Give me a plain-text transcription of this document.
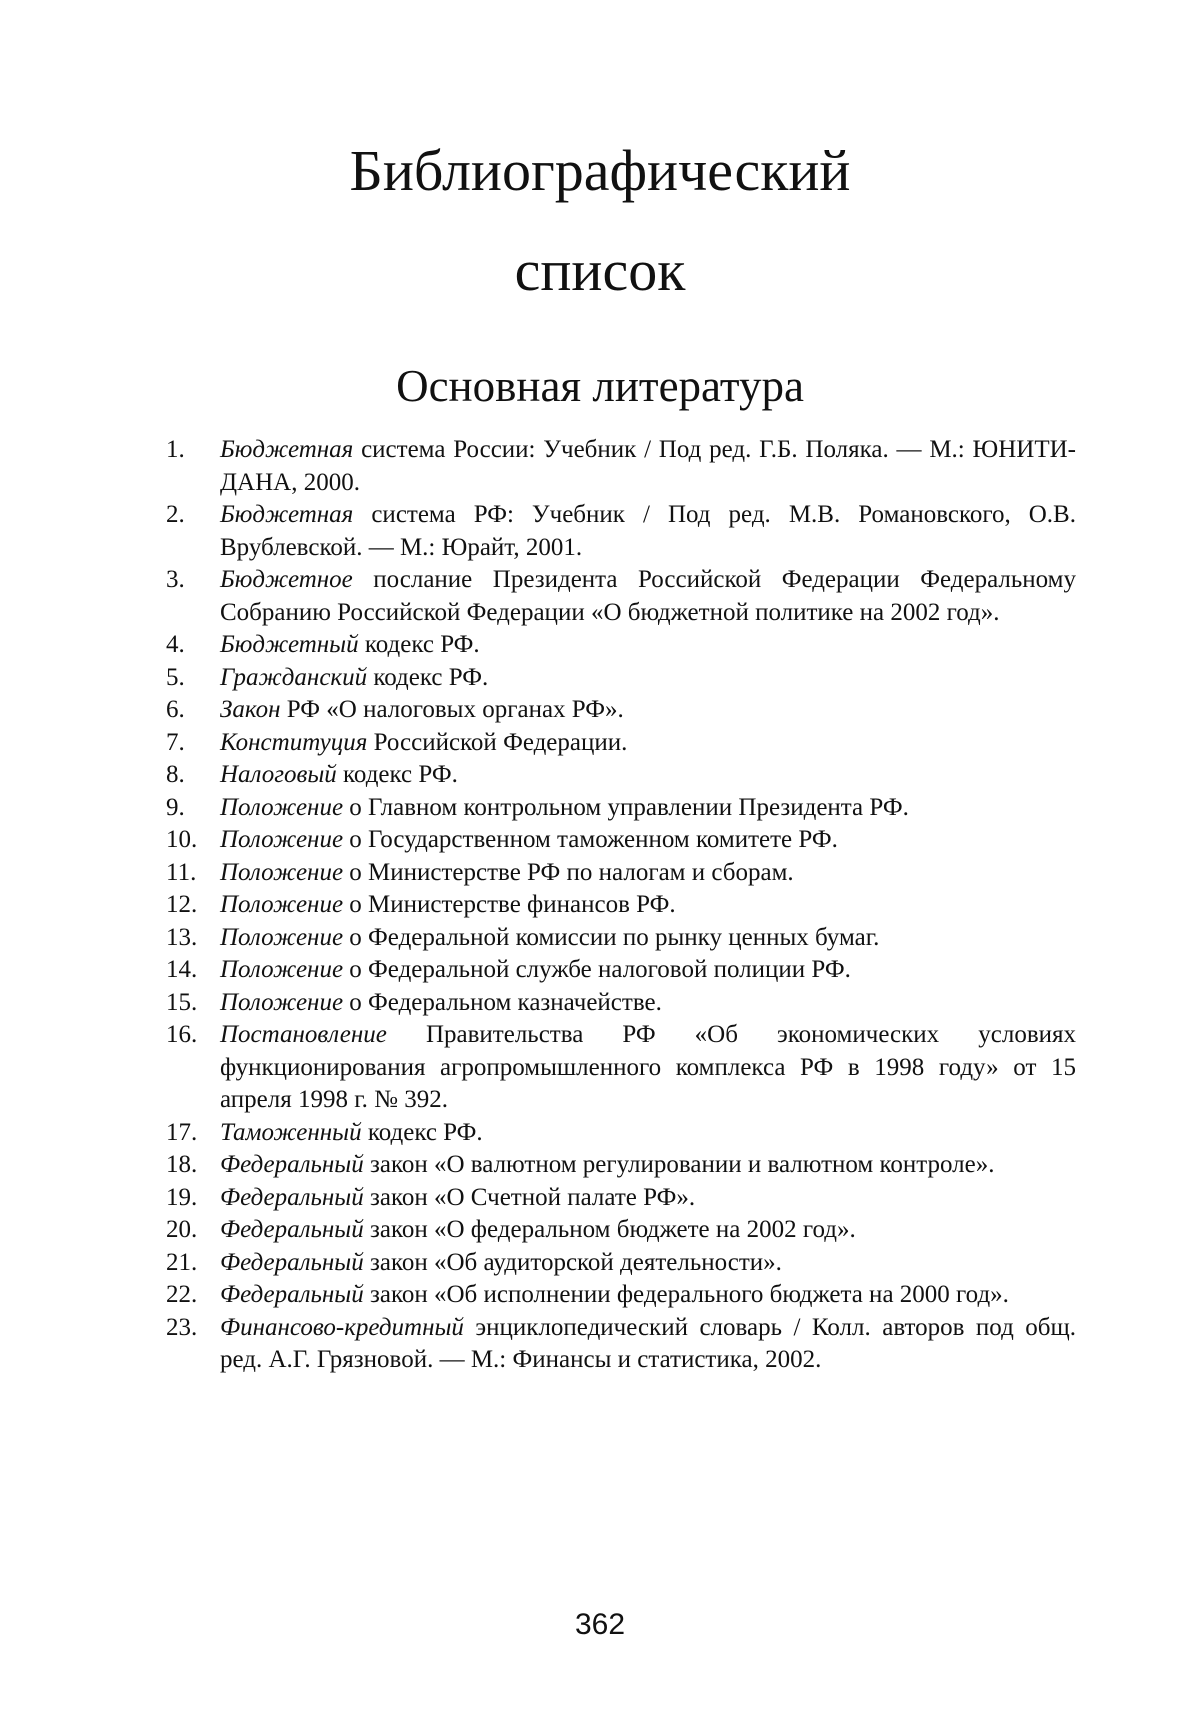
Библиографический
список
Основная литература
1. Бюджетная система России: Учебник / Под ред. Г.Б. Поляка. — М.: ЮНИТИ-ДАНА, 2000.
2. Бюджетная система РФ: Учебник / Под ред. М.В. Романовского, О.В. Врублевской. — М.: Юрайт, 2001.
3. Бюджетное послание Президента Российской Федерации Федеральному Собранию Российской Федерации «О бюджетной политике на 2002 год».
4. Бюджетный кодекс РФ.
5. Гражданский кодекс РФ.
6. Закон РФ «О налоговых органах РФ».
7. Конституция Российской Федерации.
8. Налоговый кодекс РФ.
9. Положение о Главном контрольном управлении Президента РФ.
10. Положение о Государственном таможенном комитете РФ.
11. Положение о Министерстве РФ по налогам и сборам.
12. Положение о Министерстве финансов РФ.
13. Положение о Федеральной комиссии по рынку ценных бумаг.
14. Положение о Федеральной службе налоговой полиции РФ.
15. Положение о Федеральном казначействе.
16. Постановление Правительства РФ «Об экономических условиях функционирования агропромышленного комплекса РФ в 1998 году» от 15 апреля 1998 г. № 392.
17. Таможенный кодекс РФ.
18. Федеральный закон «О валютном регулировании и валютном контроле».
19. Федеральный закон «О Счетной палате РФ».
20. Федеральный закон «О федеральном бюджете на 2002 год».
21. Федеральный закон «Об аудиторской деятельности».
22. Федеральный закон «Об исполнении федерального бюджета на 2000 год».
23. Финансово-кредитный энциклопедический словарь / Колл. авторов под общ. ред. А.Г. Грязновой. — М.: Финансы и статистика, 2002.
362
